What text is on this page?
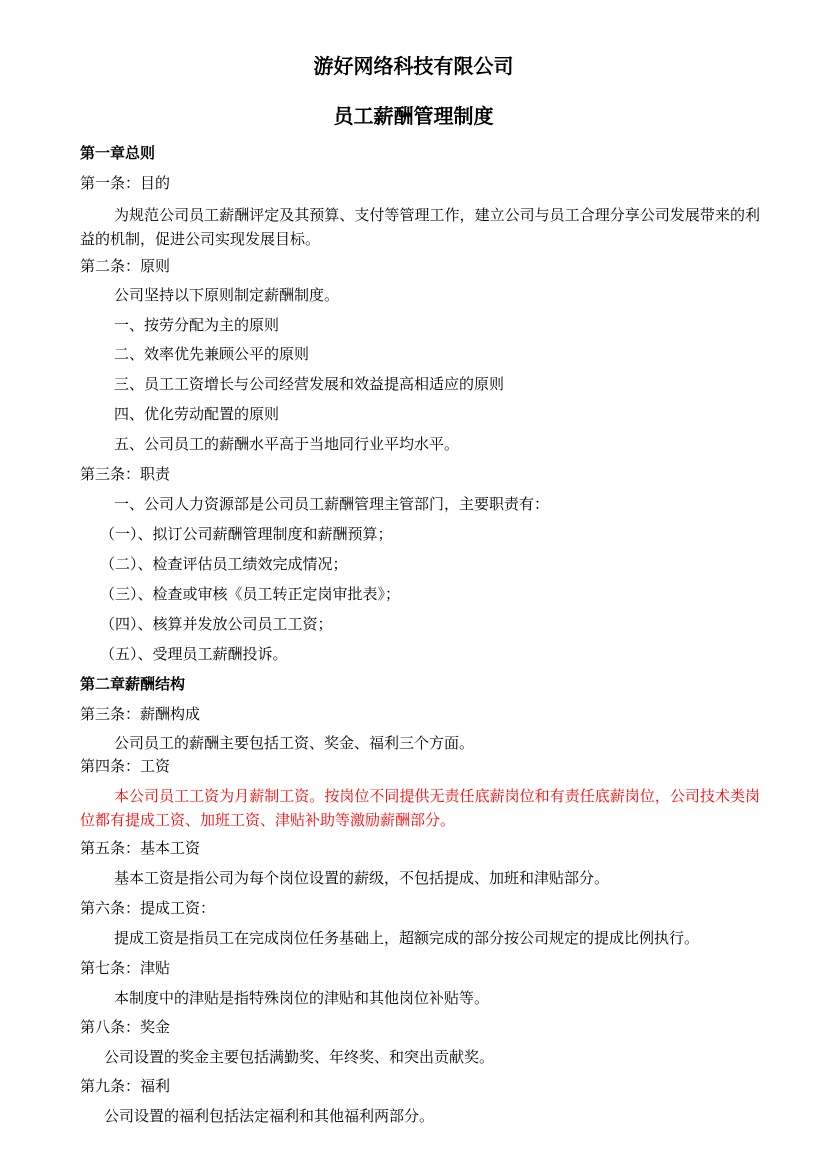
游好网络科技有限公司
员工薪酬管理制度
第一章总则
第一条：目的
为规范公司员工薪酬评定及其预算、支付等管理工作，建立公司与员工合理分享公司发展带来的利益的机制，促进公司实现发展目标。
第二条：原则
公司坚持以下原则制定薪酬制度。
一、按劳分配为主的原则
二、效率优先兼顾公平的原则
三、员工工资增长与公司经营发展和效益提高相适应的原则
四、优化劳动配置的原则
五、公司员工的薪酬水平高于当地同行业平均水平。
第三条：职责
一、公司人力资源部是公司员工薪酬管理主管部门，主要职责有：
（一）、拟订公司薪酬管理制度和薪酬预算；
（二）、检查评估员工绩效完成情况；
（三）、检查或审核《员工转正定岗审批表》；
（四）、核算并发放公司员工工资；
（五）、受理员工薪酬投诉。
第二章薪酬结构
第三条：薪酬构成
公司员工的薪酬主要包括工资、奖金、福利三个方面。
第四条：工资
本公司员工工资为月薪制工资。按岗位不同提供无责任底薪岗位和有责任底薪岗位，公司技术类岗位都有提成工资、加班工资、津贴补助等激励薪酬部分。
第五条：基本工资
基本工资是指公司为每个岗位设置的薪级，不包括提成、加班和津贴部分。
第六条：提成工资：
提成工资是指员工在完成岗位任务基础上，超额完成的部分按公司规定的提成比例执行。
第七条：津贴
本制度中的津贴是指特殊岗位的津贴和其他岗位补贴等。
第八条：奖金
公司设置的奖金主要包括满勤奖、年终奖、和突出贡献奖。
第九条：福利
公司设置的福利包括法定福利和其他福利两部分。
